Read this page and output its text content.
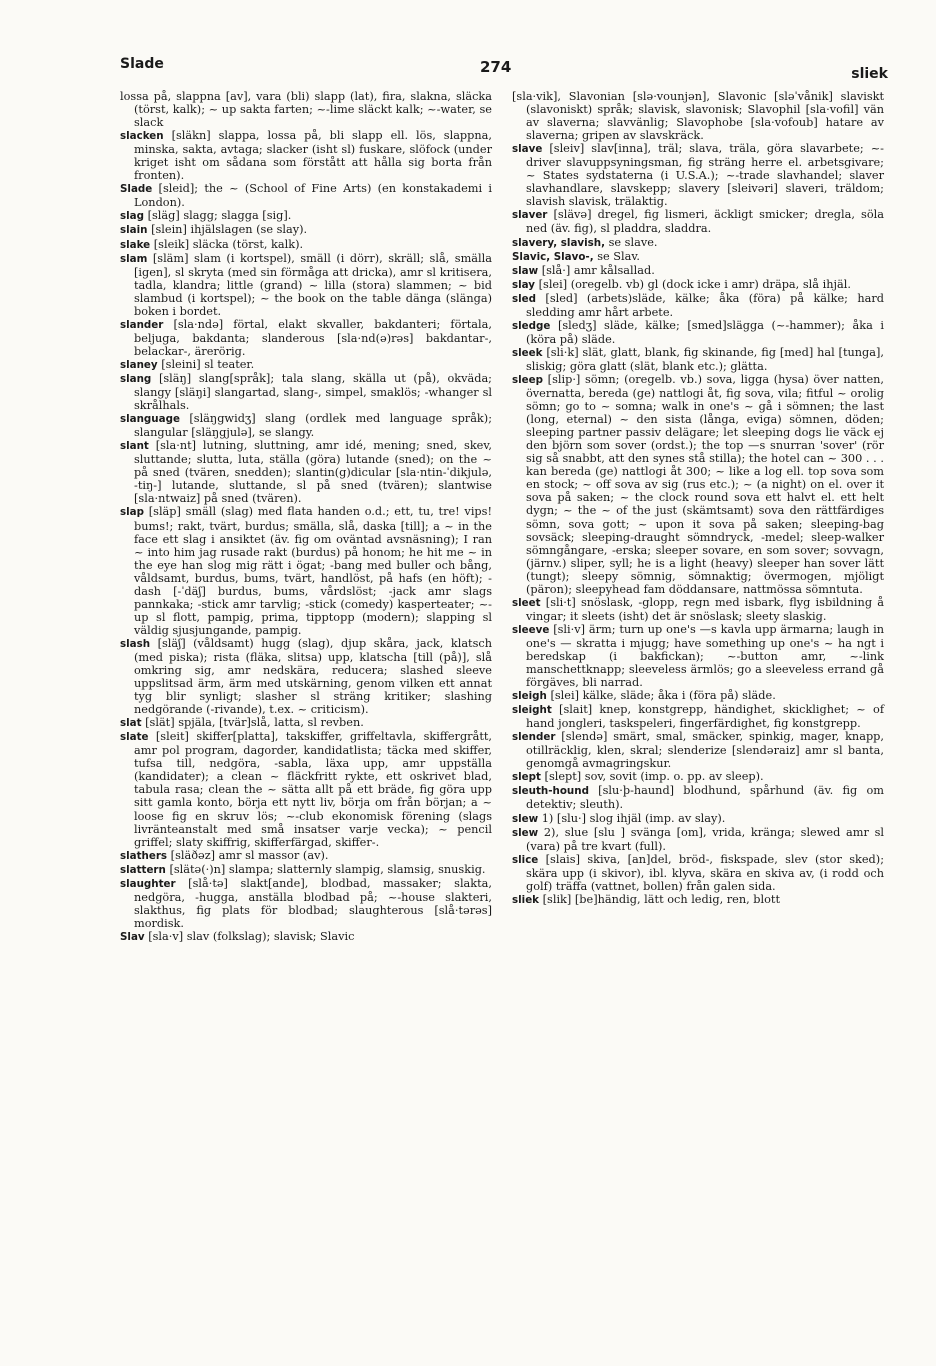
Slade	274	sliek

lossa på, slappna [av], vara (bli) slapp (lat), fira, slakna, släcka (törst, kalk); ~ up sakta farten; ~-lime släckt kalk; ~-water, se slack

slacken [släkn] slappa, lossa på, bli slapp ell. lös, slappna, minska, sakta, avtaga; slacker (isht sl) fuskare, slöfock (under kriget isht om sådana som förstått att hålla sig borta från fronten).

Slade [sleid]; the ~ (School of Fine Arts) (en konstakademi i London).

slag [släg] slagg; slagga [sig].

slain [slein] ihjälslagen (se slay).

slake [sleik] släcka (törst, kalk).

slam [släm] slam (i kortspel), smäll (i dörr), skräll; slå, smälla [igen], sl skryta (med sin förmåga att dricka), amr sl kritisera, tadla, klandra; little (grand) ~ lilla (stora) slammen; ~ bid slambud (i kortspel); ~ the book on the table dänga (slänga) boken i bordet.

slander [sla·ndə] förtal, elakt skvaller, bakdanteri; förtala, beljuga, bakdanta; slanderous [sla·nd(ə)rəs] bakdantar-, belackar-, ärerörig.

slaney [sleini] sl teater.

slang [släŋ] slang[språk]; tala slang, skälla ut (på), okväda; slangy [släŋi] slangartad, slang-, simpel, smaklös; -whanger sl skrålhals.

slanguage [släŋgwidʒ] slang (ordlek med language språk); slangular [släŋgjulə], se slangy.

slant [sla·nt] lutning, sluttning, amr idé, mening; sned, skev, sluttande; slutta, luta, ställa (göra) lutande (sned); on the ~ på sned (tvären, snedden); slantin(g)dicular [sla·ntin-ˈdikjulə, -tiŋ-] lutande, sluttande, sl på sned (tvären); slantwise [sla·ntwaiz] på sned (tvären).

slap [släp] smäll (slag) med flata handen o.d.; ett, tu, tre! vips! bums!; rakt, tvärt, burdus; smälla, slå, daska [till]; a ~ in the face ett slag i ansiktet (äv. fig om oväntad avsnäsning); I ran ~ into him jag rusade rakt (burdus) på honom; he hit me ~ in the eye han slog mig rätt i ögat; -bang med buller och bång, våldsamt, burdus, bums, tvärt, handlöst, på hafs (en höft); -dash [-ˈdäʃ] burdus, bums, vårdslöst; -jack amr slags pannkaka; -stick amr tarvlig; -stick (comedy) kasperteater; ~-up sl flott, pampig, prima, tipptopp (modern); slapping sl väldig sjusjungande, pampig.

slash [släʃ] (våldsamt) hugg (slag), djup skåra, jack, klatsch (med piska); rista (fläka, slitsa) upp, klatscha [till (på)], slå omkring sig, amr nedskära, reducera; slashed sleeve uppslitsad ärm, ärm med utskärning, genom vilken ett annat tyg blir synligt; slasher sl sträng kritiker; slashing nedgörande (-rivande), t.ex. ~ criticism).

slat [slät] spjäla, [tvär]slå, latta, sl revben.

slate [sleit] skiffer[platta], takskiffer, griffeltavla, skiffergrått, amr pol program, dagorder, kandidatlista; täcka med skiffer, tufsa till, nedgöra, -sabla, läxa upp, amr uppställa (kandidater); a clean ~ fläckfritt rykte, ett oskrivet blad, tabula rasa; clean the ~ sätta allt på ett bräde, fig göra upp sitt gamla konto, börja ett nytt liv, börja om från början; a ~ loose fig en skruv lös; ~-club ekonomisk förening (slags livränteanstalt med små insatser varje vecka); ~ pencil griffel; slaty skiffrig, skifferfärgad, skiffer-.

slathers [släðəz] amr sl massor (av).

slattern [slätə(·)n] slampa; slatternly slampig, slamsig, snuskig.

slaughter [slå·tə] slakt[ande], blodbad, massaker; slakta, nedgöra, -hugga, anställa blodbad på; ~-house slakteri, slakthus, fig plats för blodbad; slaughterous [slå·tərəs] mordisk.

Slav [sla·v] slav (folkslag); slavisk; Slavic

[sla·vik], Slavonian [slə·vounjən], Slavonic [sləˈvånik] slaviskt (slavoniskt) språk; slavisk, slavonisk; Slavophil [sla·vofil] vän av slaverna; slavvänlig; Slavophobe [sla·vofoub] hatare av slaverna; gripen av slavskräck.

slave [sleiv] slav[inna], träl; slava, träla, göra slavarbete; ~-driver slavuppsyningsman, fig sträng herre el. arbetsgivare; ~ States sydstaterna (i U.S.A.); ~-trade slavhandel; slaver slavhandlare, slavskepp; slavery [sleivəri] slaveri, träldom; slavish slavisk, trälaktig.

slaver [slävə] dregel, fig lismeri, äckligt smicker; dregla, söla ned (äv. fig), sl pladdra, sladdra.

slavery, slavish, se slave.

Slavic, Slavo-, se Slav.

slaw [slå·] amr kålsallad.

slay [slei] (oregelb. vb) gl (dock icke i amr) dräpa, slå ihjäl.

sled [sled] (arbets)släde, kälke; åka (föra) på kälke; hard sledding amr hårt arbete.

sledge [sledʒ] släde, kälke; [smed]slägga (~-hammer); åka i (köra på) släde.

sleek [sli·k] slät, glatt, blank, fig skinande, fig [med] hal [tunga], sliskig; göra glatt (slät, blank etc.); glätta.

sleep [slip·] sömn; (oregelb. vb.) sova, ligga (hysa) över natten, övernatta, bereda (ge) nattlogi åt, fig sova, vila; fitful ~ orolig sömn; go to ~ somna; walk in one's ~ gå i sömnen; the last (long, eternal) ~ den sista (långa, eviga) sömnen, döden; sleeping partner passiv delägare; let sleeping dogs lie väck ej den björn som sover (ordst.); the top —s snurran 'sover' (rör sig så snabbt, att den synes stå stilla); the hotel can ~ 300 . . . kan bereda (ge) nattlogi åt 300; ~ like a log ell. top sova som en stock; ~ off sova av sig (rus etc.); ~ (a night) on el. over it sova på saken; ~ the clock round sova ett halvt el. ett helt dygn; ~ the ~ of the just (skämtsamt) sova den rättfärdiges sömn, sova gott; ~ upon it sova på saken; sleeping-bag sovsäck; sleeping-draught sömndryck, -medel; sleep-walker sömngångare, -erska; sleeper sovare, en som sover; sovvagn, (järnv.) sliper, syll; he is a light (heavy) sleeper han sover lätt (tungt); sleepy sömnig, sömnaktig; övermogen, mjöligt (päron); sleepyhead fam döddansare, nattmössa sömntuta.

sleet [sli·t] snöslask, -glopp, regn med isbark, flyg isbildning å vingar; it sleets (isht) det är snöslask; sleety slaskig.

sleeve [sli·v] ärm; turn up one's —s kavla upp ärmarna; laugh in one's — skratta i mjugg; have something up one's ~ ha ngt i beredskap (i bakfickan); ~-button amr, ~-link manschettknapp; sleeveless ärmlös; go a sleeveless errand gå förgäves, bli narrad.

sleigh [slei] kälke, släde; åka i (föra på) släde.

sleight [slait] knep, konstgrepp, händighet, skicklighet; ~ of hand jongleri, taskspeleri, fingerfärdighet, fig konstgrepp.

slender [slendə] smärt, smal, smäcker, spinkig, mager, knapp, otillräcklig, klen, skral; slenderize [slendəraiz] amr sl banta, genomgå avmagringskur.

slept [slept] sov, sovit (imp. o. pp. av sleep).

sleuth-hound [slu·þ-haund] blodhund, spårhund (äv. fig om detektiv; sleuth).

slew 1) [slu·] slog ihjäl (imp. av slay).

slew 2), slue [slu ] svänga [om], vrida, kränga; slewed amr sl (vara) på tre kvart (full).

slice [slais] skiva, [an]del, bröd-, fiskspade, slev (stor sked); skära upp (i skivor), ibl. klyva, skära en skiva av, (i rodd och golf) träffa (vattnet, bollen) från galen sida.

sliek [slik] [be]händig, lätt och ledig, ren, blott
